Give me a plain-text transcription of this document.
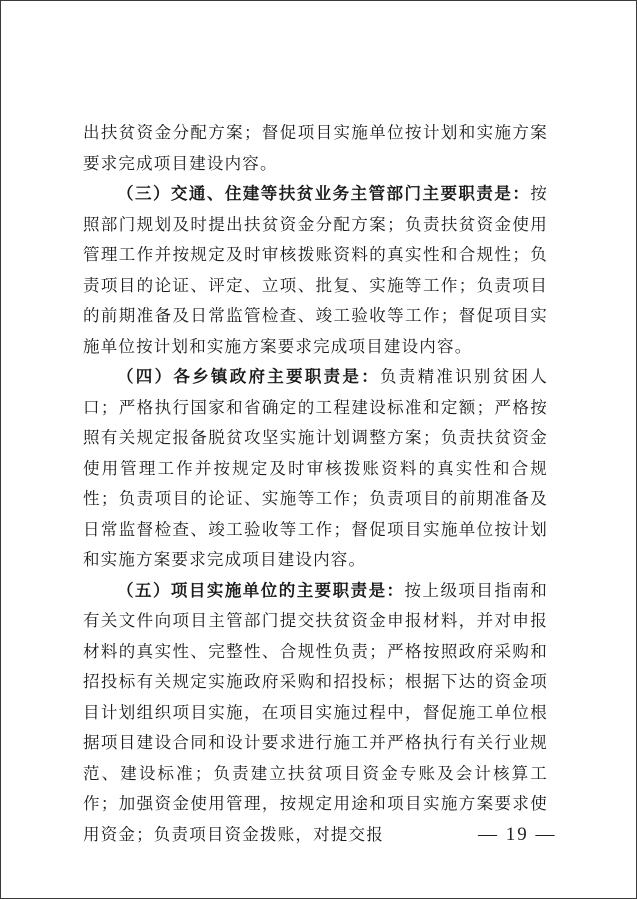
出扶贫资金分配方案；督促项目实施单位按计划和实施方案要求完成项目建设内容。

（三）交通、住建等扶贫业务主管部门主要职责是：按照部门规划及时提出扶贫资金分配方案；负责扶贫资金使用管理工作并按规定及时审核拨账资料的真实性和合规性；负责项目的论证、评定、立项、批复、实施等工作；负责项目的前期准备及日常监管检查、竣工验收等工作；督促项目实施单位按计划和实施方案要求完成项目建设内容。

（四）各乡镇政府主要职责是：负责精准识别贫困人口；严格执行国家和省确定的工程建设标准和定额；严格按照有关规定报备脱贫攻坚实施计划调整方案；负责扶贫资金使用管理工作并按规定及时审核拨账资料的真实性和合规性；负责项目的论证、实施等工作；负责项目的前期准备及日常监督检查、竣工验收等工作；督促项目实施单位按计划和实施方案要求完成项目建设内容。

（五）项目实施单位的主要职责是：按上级项目指南和有关文件向项目主管部门提交扶贫资金申报材料，并对申报材料的真实性、完整性、合规性负责；严格按照政府采购和招投标有关规定实施政府采购和招投标；根据下达的资金项目计划组织项目实施，在项目实施过程中，督促施工单位根据项目建设合同和设计要求进行施工并严格执行有关行业规范、建设标准；负责建立扶贫项目资金专账及会计核算工作；加强资金使用管理，按规定用途和项目实施方案要求使用资金；负责项目资金拨账，对提交报	— 19 —
